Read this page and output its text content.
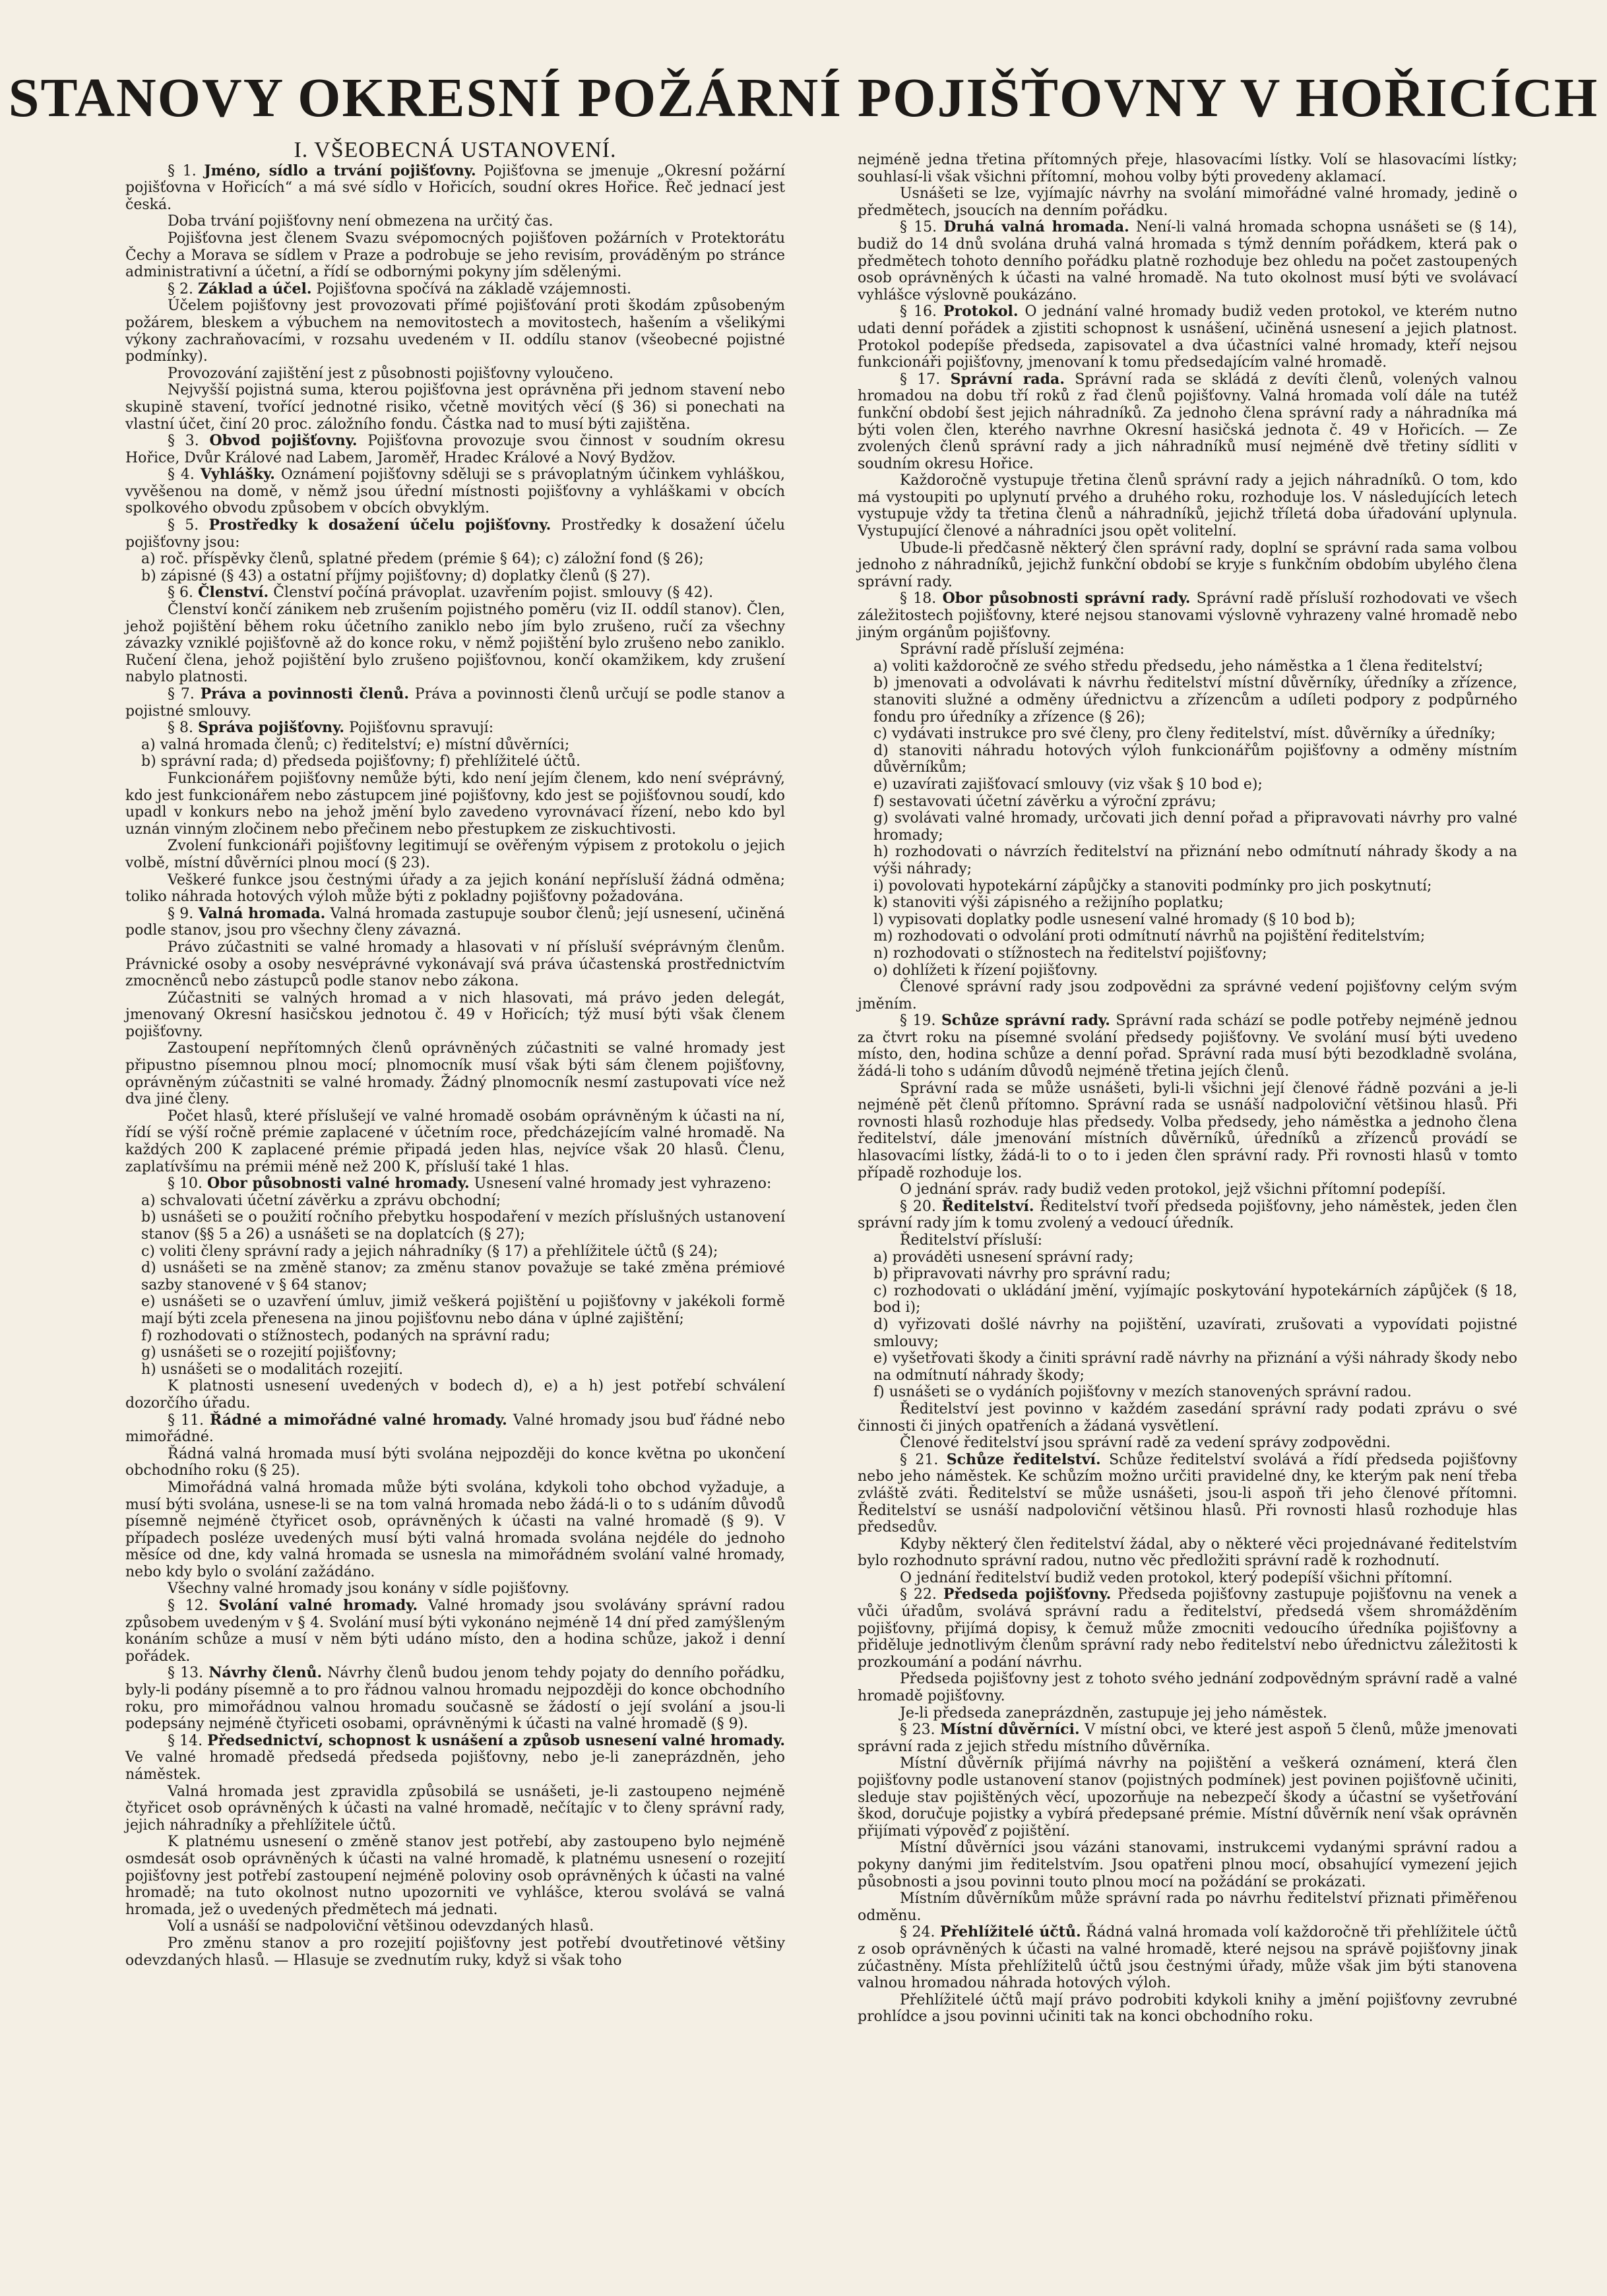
STANOVY OKRESNÍ POŽÁRNÍ POJIŠŤOVNY V HOŘICÍCH
I. VŠEOBECNÁ USTANOVENÍ.

§ 1. Jméno, sídlo a trvání pojišťovny. Pojišťovna se jmenuje „Okresní požární pojišťovna v Hořicích“ a má své sídlo v Hořicích, soudní okres Hořice. Řeč jednací jest česká.

Doba trvání pojišťovny není obmezena na určitý čas.

Pojišťovna jest členem Svazu svépomocných pojišťoven požárních v Protektorátu Čechy a Morava se sídlem v Praze a podrobuje se jeho revisím, prováděným po stránce administrativní a účetní, a řídí se odbornými pokyny jím sdělenými.

§ 2. Základ a účel. Pojišťovna spočívá na základě vzájemnosti.

Účelem pojišťovny jest provozovati přímé pojišťování proti škodám způsobeným požárem, bleskem a výbuchem na nemovitostech a movitostech, hašením a všelikými výkony zachraňovacími, v rozsahu uvedeném v II. oddílu stanov (všeobecné pojistné podmínky).

Provozování zajištění jest z působnosti pojišťovny vyloučeno.

Nejvyšší pojistná suma, kterou pojišťovna jest oprávněna při jednom stavení nebo skupině stavení, tvořící jednotné risiko, včetně movitých věcí (§ 36) si ponechati na vlastní účet, činí 20 proc. záložního fondu. Částka nad to musí býti zajištěna.

§ 3. Obvod pojišťovny. Pojišťovna provozuje svou činnost v soudním okresu Hořice, Dvůr Králové nad Labem, Jaroměř, Hradec Králové a Nový Bydžov.

§ 4. Vyhlášky. Oznámení pojišťovny sděluji se s právoplatným účinkem vyhláškou, vyvěšenou na domě, v němž jsou úřední místnosti pojišťovny a vyhláškami v obcích spolkového obvodu způsobem v obcích obvyklým.

§ 5. Prostředky k dosažení účelu pojišťovny. Prostředky k dosažení účelu pojišťovny jsou:

a) roč. příspěvky členů, splatné předem (prémie § 64); c) záložní fond (§ 26);

b) zápisné (§ 43) a ostatní příjmy pojišťovny; d) doplatky členů (§ 27).

§ 6. Členství. Členství počíná právoplat. uzavřením pojist. smlouvy (§ 42).

Členství končí zánikem neb zrušením pojistného poměru (viz II. oddíl stanov). Člen, jehož pojištění během roku účetního zaniklo nebo jím bylo zrušeno, ručí za všechny závazky vzniklé pojišťovně až do konce roku, v němž pojištění bylo zrušeno nebo zaniklo. Ručení člena, jehož pojištění bylo zrušeno pojišťovnou, končí okamžikem, kdy zrušení nabylo platnosti.

§ 7. Práva a povinnosti členů. Práva a povinnosti členů určují se podle stanov a pojistné smlouvy.

§ 8. Správa pojišťovny. Pojišťovnu spravují:

a) valná hromada členů; c) ředitelství; e) místní důvěrníci;

b) správní rada; d) předseda pojišťovny; f) přehlížitelé účtů.

Funkcionářem pojišťovny nemůže býti, kdo není jejím členem, kdo není svéprávný, kdo jest funkcionářem nebo zástupcem jiné pojišťovny, kdo jest se pojišťovnou soudí, kdo upadl v konkurs nebo na jehož jmění bylo zavedeno vyrovnávací řízení, nebo kdo byl uznán vinným zločinem nebo přečinem nebo přestupkem ze ziskuchtivosti.

Zvolení funkcionáři pojišťovny legitimují se ověřeným výpisem z protokolu o jejich volbě, místní důvěrníci plnou mocí (§ 23).

Veškeré funkce jsou čestnými úřady a za jejich konání nepřísluší žádná odměna; toliko náhrada hotových výloh může býti z pokladny pojišťovny požadována.

§ 9. Valná hromada. Valná hromada zastupuje soubor členů; její usnesení, učiněná podle stanov, jsou pro všechny členy závazná.

Právo zúčastniti se valné hromady a hlasovati v ní přísluší svéprávným členům. Právnické osoby a osoby nesvéprávné vykonávají svá práva účastenská prostřednictvím zmocněnců nebo zástupců podle stanov nebo zákona.

Zúčastniti se valných hromad a v nich hlasovati, má právo jeden delegát, jmenovaný Okresní hasičskou jednotou č. 49 v Hořicích; týž musí býti však členem pojišťovny.

Zastoupení nepřítomných členů oprávněných zúčastniti se valné hromady jest připustno písemnou plnou mocí; plnomocník musí však býti sám členem pojišťovny, oprávněným zúčastniti se valné hromady. Žádný plnomocník nesmí zastupovati více než dva jiné členy.

Počet hlasů, které příslušejí ve valné hromadě osobám oprávněným k účasti na ní, řídí se výší ročně prémie zaplacené v účetním roce, předcházejícím valné hromadě. Na každých 200 K zaplacené prémie připadá jeden hlas, nejvíce však 20 hlasů. Členu, zaplatívšímu na prémii méně než 200 K, přísluší také 1 hlas.

§ 10. Obor působnosti valné hromady. Usnesení valné hromady jest vyhrazeno:

a) schvalovati účetní závěrku a zprávu obchodní;

b) usnášeti se o použití ročního přebytku hospodaření v mezích příslušných ustanovení stanov (§§ 5 a 26) a usnášeti se na doplatcích (§ 27);

c) voliti členy správní rady a jejich náhradníky (§ 17) a přehlížitele účtů (§ 24);

d) usnášeti se na změně stanov; za změnu stanov považuje se také změna prémiové sazby stanovené v § 64 stanov;

e) usnášeti se o uzavření úmluv, jimiž veškerá pojištění u pojišťovny v jakékoli formě mají býti zcela přenesena na jinou pojišťovnu nebo dána v úplné zajištění;

f) rozhodovati o stížnostech, podaných na správní radu;

g) usnášeti se o rozejití pojišťovny;

h) usnášeti se o modalitách rozejití.

K platnosti usnesení uvedených v bodech d), e) a h) jest potřebí schválení dozorčího úřadu.

§ 11. Řádné a mimořádné valné hromady. Valné hromady jsou buď řádné nebo mimořádné.

Řádná valná hromada musí býti svolána nejpozději do konce května po ukončení obchodního roku (§ 25).

Mimořádná valná hromada může býti svolána, kdykoli toho obchod vyžaduje, a musí býti svolána, usnese-li se na tom valná hromada nebo žádá-li o to s udáním důvodů písemně nejméně čtyřicet osob, oprávněných k účasti na valné hromadě (§ 9). V případech posléze uvedených musí býti valná hromada svolána nejdéle do jednoho měsíce od dne, kdy valná hromada se usnesla na mimořádném svolání valné hromady, nebo kdy bylo o svolání zažádáno.

Všechny valné hromady jsou konány v sídle pojišťovny.

§ 12. Svolání valné hromady. Valné hromady jsou svolávány správní radou způsobem uvedeným v § 4. Svolání musí býti vykonáno nejméně 14 dní před zamýšleným konáním schůze a musí v něm býti udáno místo, den a hodina schůze, jakož i denní pořádek.

§ 13. Návrhy členů. Návrhy členů budou jenom tehdy pojaty do denního pořádku, byly-li podány písemně a to pro řádnou valnou hromadu nejpozději do konce obchodního roku, pro mimořádnou valnou hromadu současně se žádostí o její svolání a jsou-li podepsány nejméně čtyřiceti osobami, oprávněnými k účasti na valné hromadě (§ 9).

§ 14. Předsednictví, schopnost k usnášení a způsob usnesení valné hromady. Ve valné hromadě předsedá předseda pojišťovny, nebo je-li zaneprázdněn, jeho náměstek.

Valná hromada jest zpravidla způsobilá se usnášeti, je-li zastoupeno nejméně čtyřicet osob oprávněných k účasti na valné hromadě, nečítajíc v to členy správní rady, jejich náhradníky a přehlížitele účtů.

K platnému usnesení o změně stanov jest potřebí, aby zastoupeno bylo nejméně osmdesát osob oprávněných k účasti na valné hromadě, k platnému usnesení o rozejití pojišťovny jest potřebí zastoupení nejméně poloviny osob oprávněných k účasti na valné hromadě; na tuto okolnost nutno upozorniti ve vyhlášce, kterou svolává se valná hromada, jež o uvedených předmětech má jednati.

Volí a usnáší se nadpoloviční většinou odevzdaných hlasů.

Pro změnu stanov a pro rozejití pojišťovny jest potřebí dvoutřetinové většiny odevzdaných hlasů. — Hlasuje se zvednutím ruky, když si však toho

nejméně jedna třetina přítomných přeje, hlasovacími lístky. Volí se hlasovacími lístky; souhlasí-li však všichni přítomní, mohou volby býti provedeny aklamací.

Usnášeti se lze, vyjímajíc návrhy na svolání mimořádné valné hromady, jedině o předmětech, jsoucích na denním pořádku.

§ 15. Druhá valná hromada. Není-li valná hromada schopna usnášeti se (§ 14), budiž do 14 dnů svolána druhá valná hromada s týmž denním pořádkem, která pak o předmětech tohoto denního pořádku platně rozhoduje bez ohledu na počet zastoupených osob oprávněných k účasti na valné hromadě. Na tuto okolnost musí býti ve svolávací vyhlášce výslovně poukázáno.

§ 16. Protokol. O jednání valné hromady budiž veden protokol, ve kterém nutno udati denní pořádek a zjistiti schopnost k usnášení, učiněná usnesení a jejich platnost. Protokol podepíše předseda, zapisovatel a dva účastníci valné hromady, kteří nejsou funkcionáři pojišťovny, jmenovaní k tomu předsedajícím valné hromadě.

§ 17. Správní rada. Správní rada se skládá z devíti členů, volených valnou hromadou na dobu tří roků z řad členů pojišťovny. Valná hromada volí dále na tutéž funkční období šest jejich náhradníků. Za jednoho člena správní rady a náhradníka má býti volen člen, kterého navrhne Okresní hasičská jednota č. 49 v Hořicích. — Ze zvolených členů správní rady a jich náhradníků musí nejméně dvě třetiny sídliti v soudním okresu Hořice.

Každoročně vystupuje třetina členů správní rady a jejich náhradníků. O tom, kdo má vystoupiti po uplynutí prvého a druhého roku, rozhoduje los. V následujících letech vystupuje vždy ta třetina členů a náhradníků, jejichž tříletá doba úřadování uplynula. Vystupující členové a náhradníci jsou opět volitelní.

Ubude-li předčasně některý člen správní rady, doplní se správní rada sama volbou jednoho z náhradníků, jejichž funkční období se kryje s funkčním obdobím ubylého člena správní rady.

§ 18. Obor působnosti správní rady. Správní radě přísluší rozhodovati ve všech záležitostech pojišťovny, které nejsou stanovami výslovně vyhrazeny valné hromadě nebo jiným orgánům pojišťovny.

Správní radě přísluší zejména:

a) voliti každoročně ze svého středu předsedu, jeho náměstka a 1 člena ředitelství;

b) jmenovati a odvolávati k návrhu ředitelství místní důvěrníky, úředníky a zřízence, stanoviti služné a odměny úřednictvu a zřízencům a udíleti podpory z podpůrného fondu pro úředníky a zřízence (§ 26);

c) vydávati instrukce pro své členy, pro členy ředitelství, míst. důvěrníky a úředníky;

d) stanoviti náhradu hotových výloh funkcionářům pojišťovny a odměny místním důvěrníkům;

e) uzavírati zajišťovací smlouvy (viz však § 10 bod e);

f) sestavovati účetní závěrku a výroční zprávu;

g) svolávati valné hromady, určovati jich denní pořad a připravovati návrhy pro valné hromady;

h) rozhodovati o návrzích ředitelství na přiznání nebo odmítnutí náhrady škody a na výši náhrady;

i) povolovati hypotekární zápůjčky a stanoviti podmínky pro jich poskytnutí;

k) stanoviti výši zápisného a režijního poplatku;

l) vypisovati doplatky podle usnesení valné hromady (§ 10 bod b);

m) rozhodovati o odvolání proti odmítnutí návrhů na pojištění ředitelstvím;

n) rozhodovati o stížnostech na ředitelství pojišťovny;

o) dohlížeti k řízení pojišťovny.

Členové správní rady jsou zodpovědni za správné vedení pojišťovny celým svým jměním.

§ 19. Schůze správní rady. Správní rada schází se podle potřeby nejméně jednou za čtvrt roku na písemné svolání předsedy pojišťovny. Ve svolání musí býti uvedeno místo, den, hodina schůze a denní pořad. Správní rada musí býti bezodkladně svolána, žádá-li toho s udáním důvodů nejméně třetina jejích členů.

Správní rada se může usnášeti, byli-li všichni její členové řádně pozváni a je-li nejméně pět členů přítomno. Správní rada se usnáší nadpoloviční většinou hlasů. Při rovnosti hlasů rozhoduje hlas předsedy. Volba předsedy, jeho náměstka a jednoho člena ředitelství, dále jmenování místních důvěrníků, úředníků a zřízenců provádí se hlasovacími lístky, žádá-li to o to i jeden člen správní rady. Při rovnosti hlasů v tomto případě rozhoduje los.

O jednání správ. rady budiž veden protokol, jejž všichni přítomní podepíší.

§ 20. Ředitelství. Ředitelství tvoří předseda pojišťovny, jeho náměstek, jeden člen správní rady jím k tomu zvolený a vedoucí úředník.

Ředitelství přísluší:

a) prováděti usnesení správní rady;

b) připravovati návrhy pro správní radu;

c) rozhodovati o ukládání jmění, vyjímajíc poskytování hypotekárních zápůjček (§ 18, bod i);

d) vyřizovati došlé návrhy na pojištění, uzavírati, zrušovati a vypovídati pojistné smlouvy;

e) vyšetřovati škody a činiti správní radě návrhy na přiznání a výši náhrady škody nebo na odmítnutí náhrady škody;

f) usnášeti se o vydáních pojišťovny v mezích stanovených správní radou.

Ředitelství jest povinno v každém zasedání správní rady podati zprávu o své činnosti či jiných opatřeních a žádaná vysvětlení.

Členové ředitelství jsou správní radě za vedení správy zodpovědni.

§ 21. Schůze ředitelství. Schůze ředitelství svolává a řídí předseda pojišťovny nebo jeho náměstek. Ke schůzím možno určiti pravidelné dny, ke kterým pak není třeba zvláště zváti. Ředitelství se může usnášeti, jsou-li aspoň tři jeho členové přítomni. Ředitelství se usnáší nadpoloviční většinou hlasů. Při rovnosti hlasů rozhoduje hlas předsedův.

Kdyby některý člen ředitelství žádal, aby o některé věci projednávané ředitelstvím bylo rozhodnuto správní radou, nutno věc předložiti správní radě k rozhodnutí.

O jednání ředitelství budiž veden protokol, který podepíší všichni přítomní.

§ 22. Předseda pojišťovny. Předseda pojišťovny zastupuje pojišťovnu na venek a vůči úřadům, svolává správní radu a ředitelství, předsedá všem shromážděním pojišťovny, přijímá dopisy, k čemuž může zmocniti vedoucího úředníka pojišťovny a přiděluje jednotlivým členům správní rady nebo ředitelství nebo úřednictvu záležitosti k prozkoumání a podání návrhu.

Předseda pojišťovny jest z tohoto svého jednání zodpovědným správní radě a valné hromadě pojišťovny.

Je-li předseda zaneprázdněn, zastupuje jej jeho náměstek.

§ 23. Místní důvěrníci. V místní obci, ve které jest aspoň 5 členů, může jmenovati správní rada z jejich středu místního důvěrníka.

Místní důvěrník přijímá návrhy na pojištění a veškerá oznámení, která člen pojišťovny podle ustanovení stanov (pojistných podmínek) jest povinen pojišťovně učiniti, sleduje stav pojištěných věcí, upozorňuje na nebezpečí škody a účastní se vyšetřování škod, doručuje pojistky a vybírá předepsané prémie. Místní důvěrník není však oprávněn přijímati výpověď z pojištění.

Místní důvěrníci jsou vázáni stanovami, instrukcemi vydanými správní radou a pokyny danými jim ředitelstvím. Jsou opatřeni plnou mocí, obsahující vymezení jejich působnosti a jsou povinni touto plnou mocí na požádání se prokázati.

Místním důvěrníkům může správní rada po návrhu ředitelství přiznati přiměřenou odměnu.

§ 24. Přehlížitelé účtů. Řádná valná hromada volí každoročně tři přehlížitele účtů z osob oprávněných k účasti na valné hromadě, které nejsou na správě pojišťovny jinak zúčastněny. Místa přehlížitelů účtů jsou čestnými úřady, může však jim býti stanovena valnou hromadou náhrada hotových výloh.

Přehlížitelé účtů mají právo podrobiti kdykoli knihy a jmění pojišťovny zevrubné prohlídce a jsou povinni učiniti tak na konci obchodního roku.
